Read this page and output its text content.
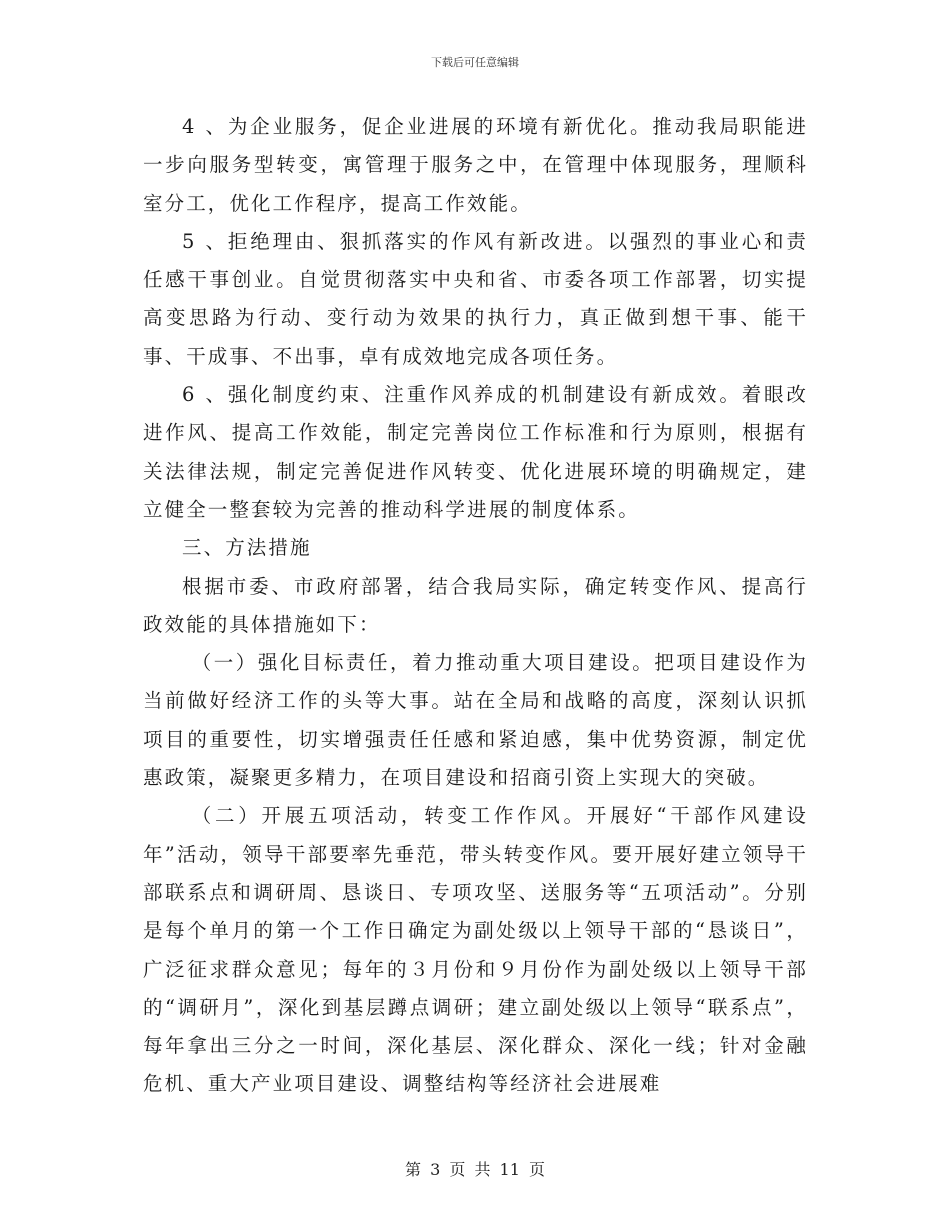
下载后可任意编辑

4 、为企业服务，促企业进展的环境有新优化。推动我局职能进一步向服务型转变，寓管理于服务之中，在管理中体现服务，理顺科室分工，优化工作程序，提高工作效能。

5 、拒绝理由、狠抓落实的作风有新改进。以强烈的事业心和责任感干事创业。自觉贯彻落实中央和省、市委各项工作部署，切实提高变思路为行动、变行动为效果的执行力，真正做到想干事、能干事、干成事、不出事，卓有成效地完成各项任务。

6 、强化制度约束、注重作风养成的机制建设有新成效。着眼改进作风、提高工作效能，制定完善岗位工作标准和行为原则，根据有关法律法规，制定完善促进作风转变、优化进展环境的明确规定，建立健全一整套较为完善的推动科学进展的制度体系。

三、方法措施

根据市委、市政府部署，结合我局实际，确定转变作风、提高行政效能的具体措施如下：

（一）强化目标责任，着力推动重大项目建设。把项目建设作为当前做好经济工作的头等大事。站在全局和战略的高度，深刻认识抓项目的重要性，切实增强责任任感和紧迫感，集中优势资源，制定优惠政策，凝聚更多精力，在项目建设和招商引资上实现大的突破。

（二）开展五项活动，转变工作作风。开展好“干部作风建设年”活动，领导干部要率先垂范，带头转变作风。要开展好建立领导干部联系点和调研周、恳谈日、专项攻坚、送服务等“五项活动”。分别是每个单月的第一个工作日确定为副处级以上领导干部的“恳谈日”，广泛征求群众意见；每年的３月份和９月份作为副处级以上领导干部的“调研月”，深化到基层蹲点调研；建立副处级以上领导“联系点”，每年拿出三分之一时间，深化基层、深化群众、深化一线；针对金融危机、重大产业项目建设、调整结构等经济社会进展难

第 3 页 共 11 页
